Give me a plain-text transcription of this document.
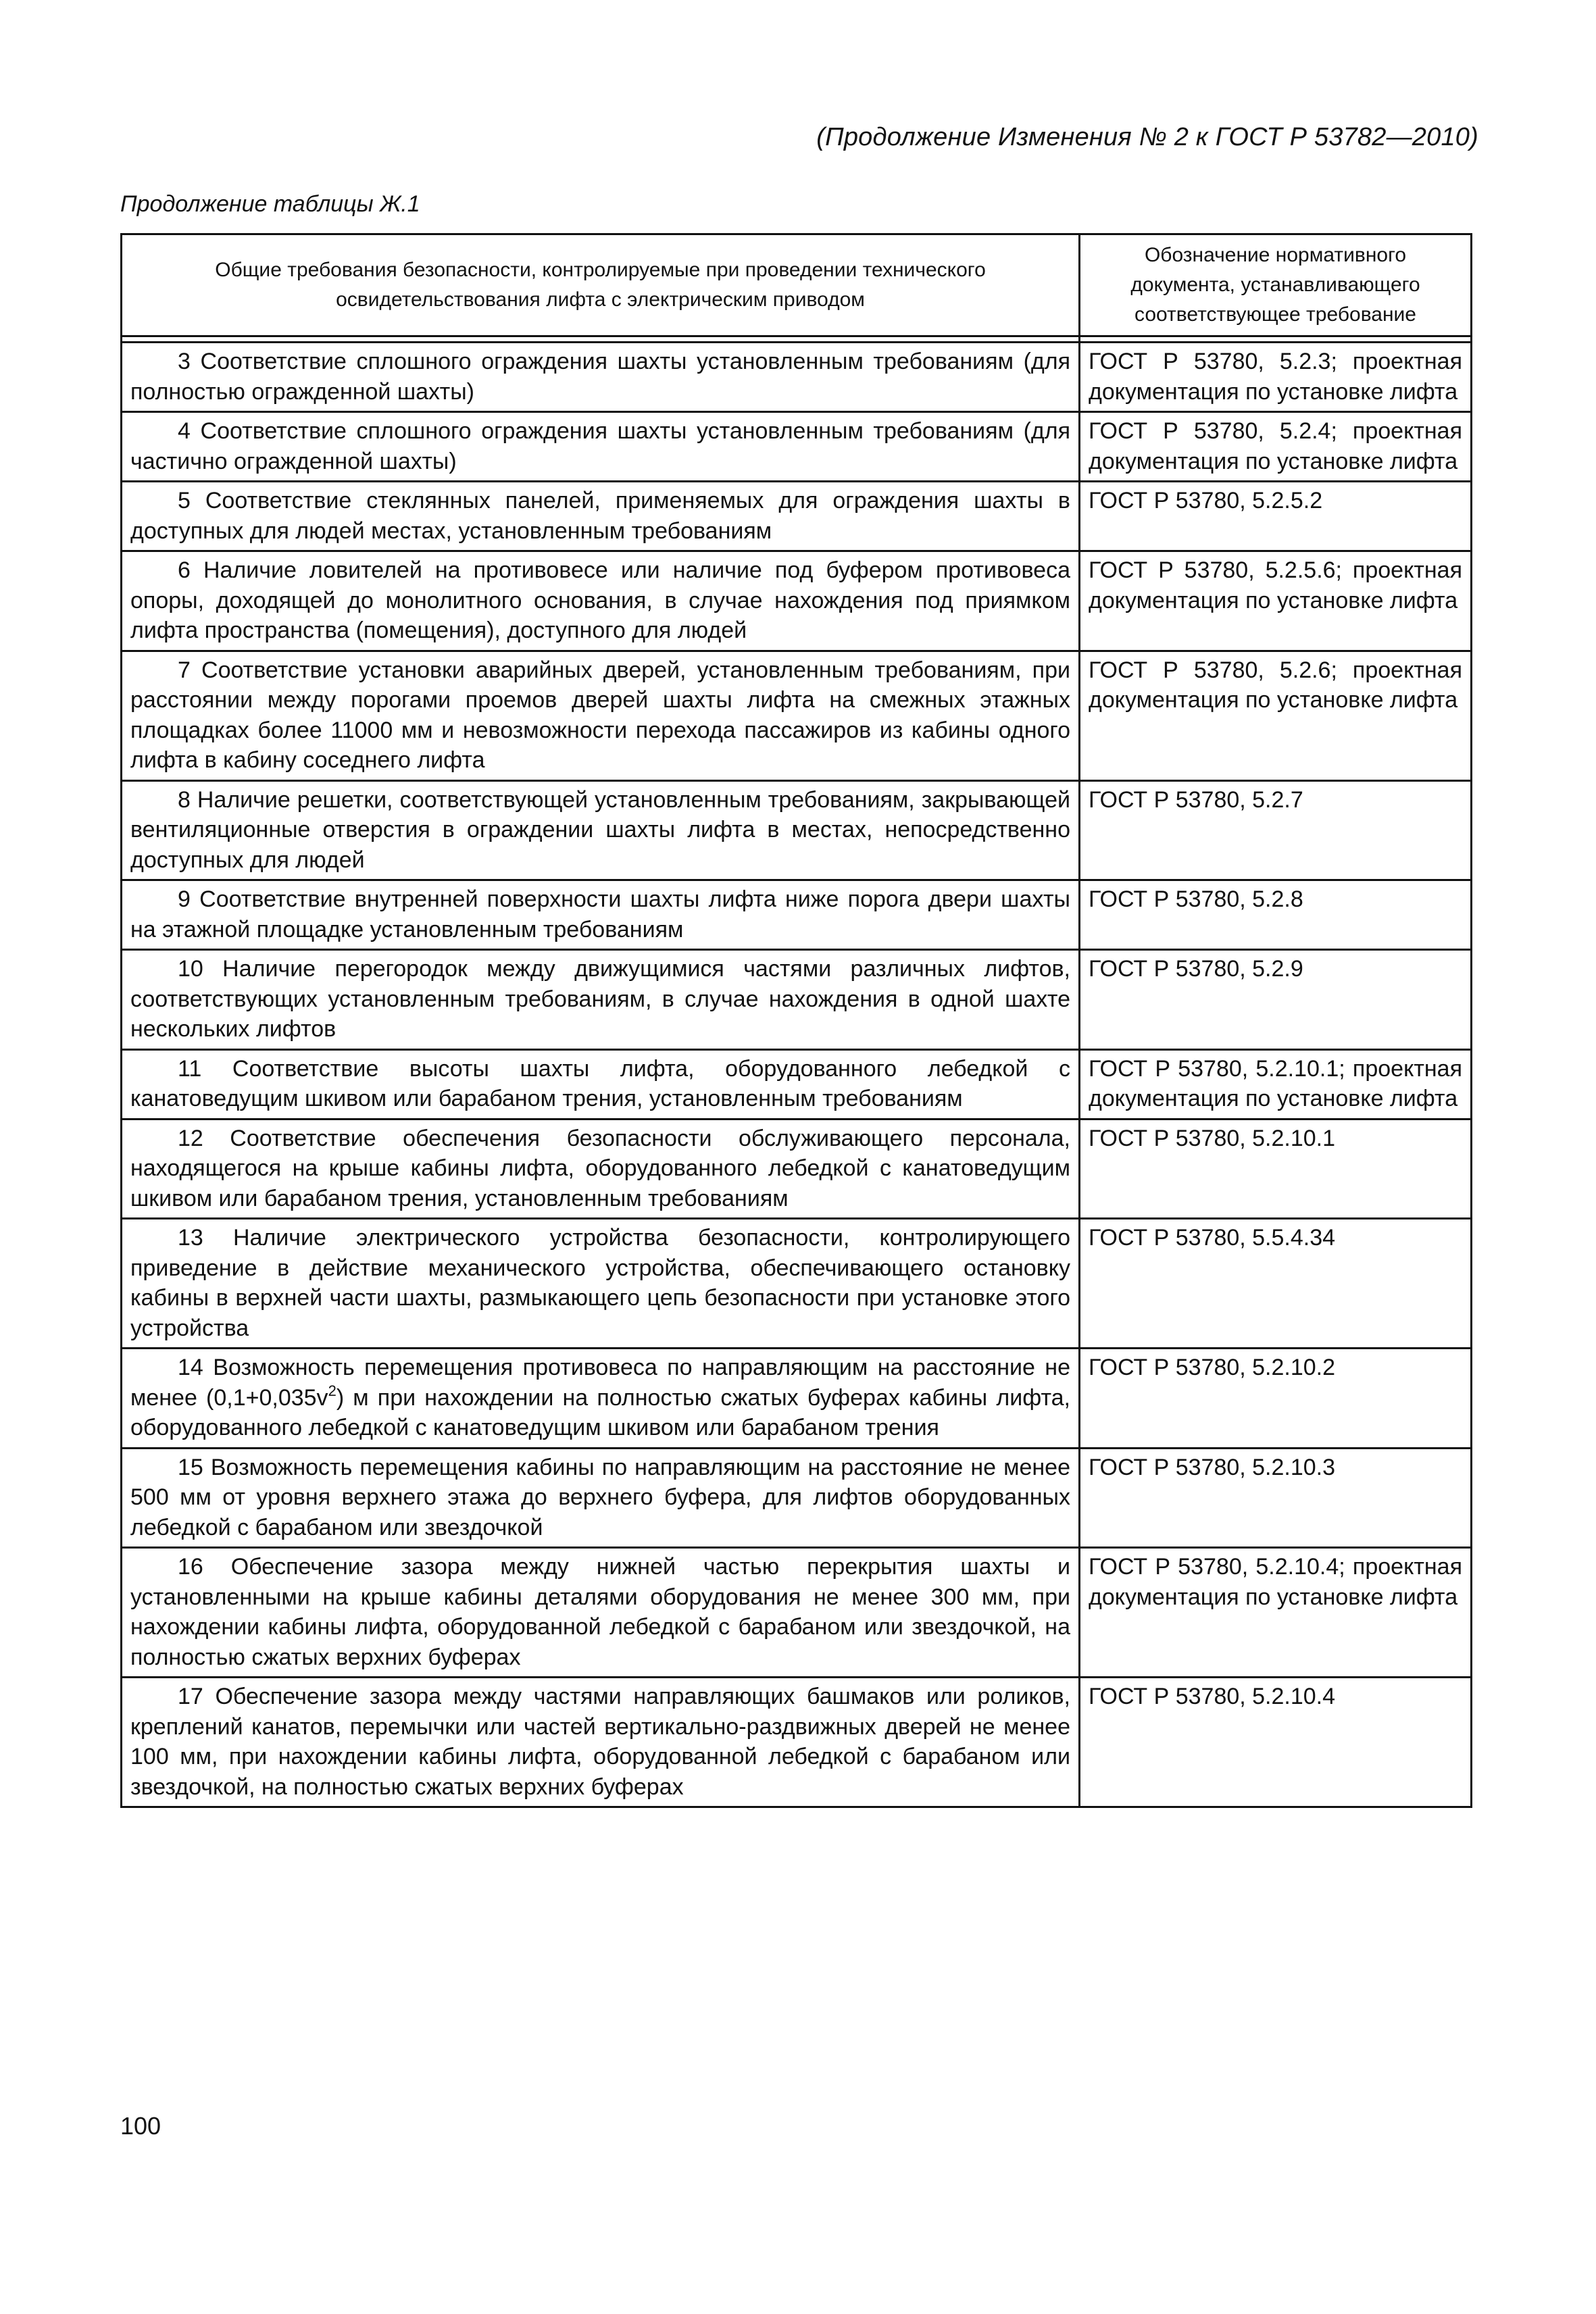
(Продолжение Изменения № 2 к ГОСТ Р 53782—2010)
Продолжение таблицы Ж.1
Общие требования безопасности, контролируемые при проведении технического освидетельствования лифта с электрическим приводом	Обозначение нормативного документа, устанавливающего соответствующее требование

3 Соответствие сплошного ограждения шахты установленным требованиям (для полностью огражденной шахты)	ГОСТ Р 53780, 5.2.3; проектная документация по установке лифта
4 Соответствие сплошного ограждения шахты установленным требованиям (для частично огражденной шахты)	ГОСТ Р 53780, 5.2.4; проектная документация по установке лифта
5 Соответствие стеклянных панелей, применяемых для ограждения шахты в доступных для людей местах, установленным требованиям	ГОСТ Р 53780, 5.2.5.2
6 Наличие ловителей на противовесе или наличие под буфером противовеса опоры, доходящей до монолитного основания, в случае нахождения под приямком лифта пространства (помещения), доступного для людей	ГОСТ Р 53780, 5.2.5.6; проектная документация по установке лифта
7 Соответствие установки аварийных дверей, установленным требованиям, при расстоянии между порогами проемов дверей шахты лифта на смежных этажных площадках более 11000 мм и невозможности перехода пассажиров из кабины одного лифта в кабину соседнего лифта	ГОСТ Р 53780, 5.2.6; проектная документация по установке лифта
8 Наличие решетки, соответствующей установленным требованиям, закрывающей вентиляционные отверстия в ограждении шахты лифта в местах, непосредственно доступных для людей	ГОСТ Р 53780, 5.2.7
9 Соответствие внутренней поверхности шахты лифта ниже порога двери шахты на этажной площадке установленным требованиям	ГОСТ Р 53780, 5.2.8
10 Наличие перегородок между движущимися частями различных лифтов, соответствующих установленным требованиям, в случае нахождения в одной шахте нескольких лифтов	ГОСТ Р 53780, 5.2.9
11 Соответствие высоты шахты лифта, оборудованного лебедкой с канатоведущим шкивом или барабаном трения, установленным требованиям	ГОСТ Р 53780, 5.2.10.1; проектная документация по установке лифта
12 Соответствие обеспечения безопасности обслуживающего персонала, находящегося на крыше кабины лифта, оборудованного лебедкой с канатоведущим шкивом или барабаном трения, установленным требованиям	ГОСТ Р 53780, 5.2.10.1
13 Наличие электрического устройства безопасности, контролирующего приведение в действие механического устройства, обеспечивающего остановку кабины в верхней части шахты, размыкающего цепь безопасности при установке этого устройства	ГОСТ Р 53780, 5.5.4.34
14 Возможность перемещения противовеса по направляющим на расстояние не менее $(0,1+0,035v^2)$ м при нахождении на полностью сжатых буферах кабины лифта, оборудованного лебедкой с канатоведущим шкивом или барабаном трения	ГОСТ Р 53780, 5.2.10.2
15 Возможность перемещения кабины по направляющим на расстояние не менее 500 мм от уровня верхнего этажа до верхнего буфера, для лифтов оборудованных лебедкой с барабаном или звездочкой	ГОСТ Р 53780, 5.2.10.3
16 Обеспечение зазора между нижней частью перекрытия шахты и установленными на крыше кабины деталями оборудования не менее 300 мм, при нахождении кабины лифта, оборудованной лебедкой с барабаном или звездочкой, на полностью сжатых верхних буферах	ГОСТ Р 53780, 5.2.10.4; проектная документация по установке лифта
17 Обеспечение зазора между частями направляющих башмаков или роликов, креплений канатов, перемычки или частей вертикально-раздвижных дверей не менее 100 мм, при нахождении кабины лифта, оборудованной лебедкой с барабаном или звездочкой, на полностью сжатых верхних буферах	ГОСТ Р 53780, 5.2.10.4
100
